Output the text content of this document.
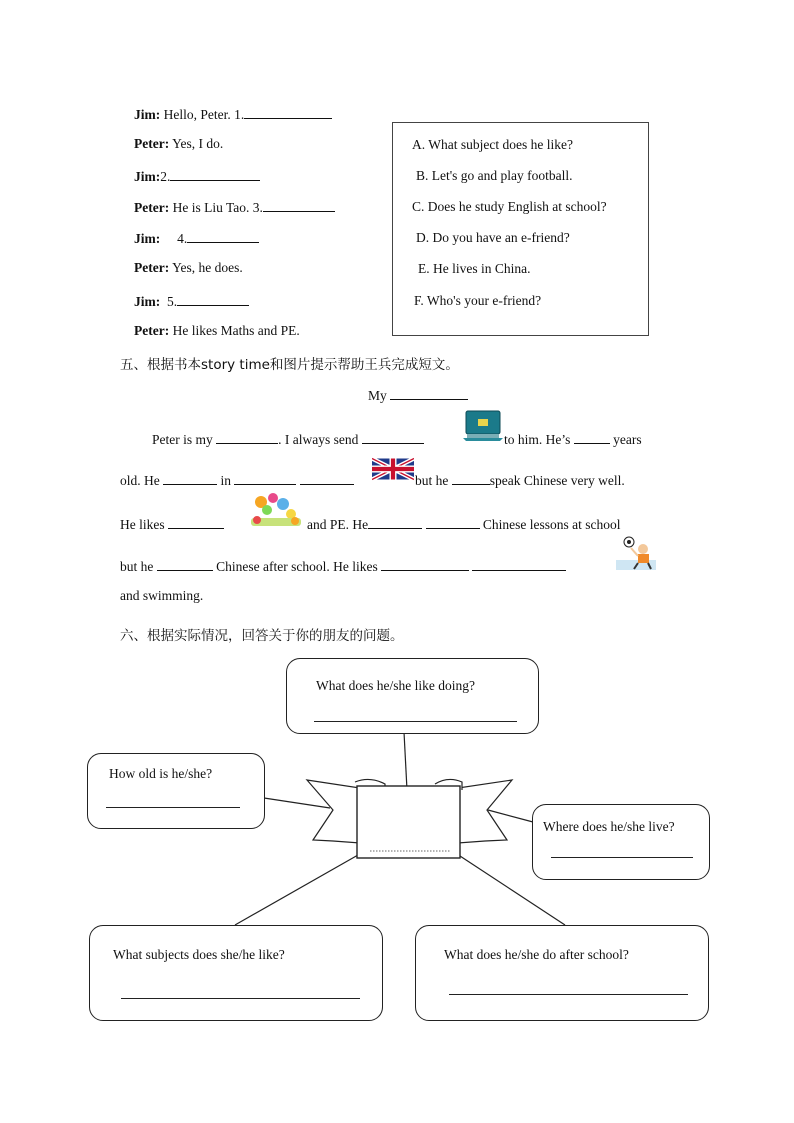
Jim: Hello, Peter. 1.
Peter: Yes, I do.
Jim:2.
Peter: He is Liu Tao. 3.
Jim: 4.
Peter: Yes, he does.
Jim: 5.
Peter: He likes Maths and PE.
A. What subject does he like?
B. Let's go and play football.
C. Does he study English at school?
D. Do you have an e-friend?
E. He lives in China.
F. Who's your e-friend?
五、根据书本story time和图片提示帮助王兵完成短文。
My
Peter is my	. I always send	to him. He’s	years
old. He	in	but he	speak Chinese very well.
He likes	and PE. He	Chinese lessons at school
but he	Chinese after school. He likes
and swimming.
六、根据实际情况，回答关于你的朋友的问题。
What does he/she like doing?
How old is he/she?
Where does he/she live?
What subjects does she/he like?	What does he/she do after school?
